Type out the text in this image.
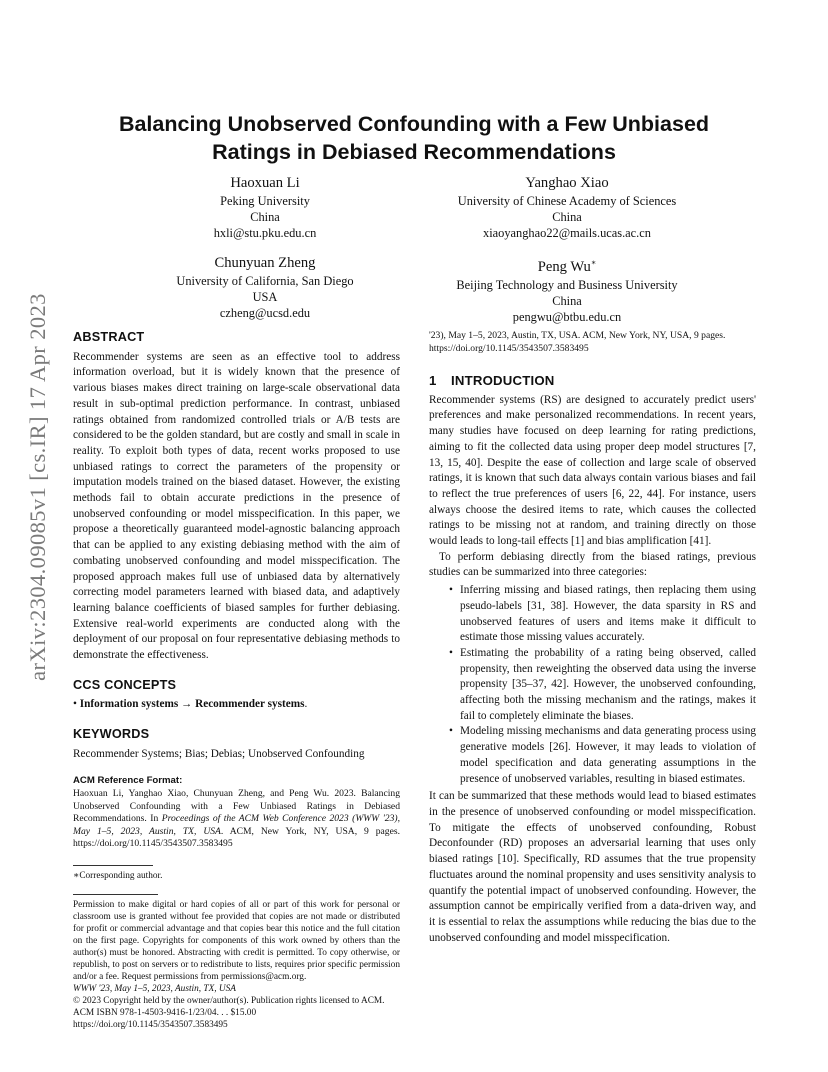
arXiv:2304.09085v1 [cs.IR] 17 Apr 2023
Balancing Unobserved Confounding with a Few Unbiased Ratings in Debiased Recommendations
Haoxuan Li
Peking University
China
hxli@stu.pku.edu.cn
Yanghao Xiao
University of Chinese Academy of Sciences
China
xiaoyanghao22@mails.ucas.ac.cn
Chunyuan Zheng
University of California, San Diego
USA
czheng@ucsd.edu
Peng Wu∗
Beijing Technology and Business University
China
pengwu@btbu.edu.cn
ABSTRACT

Recommender systems are seen as an effective tool to address information overload, but it is widely known that the presence of various biases makes direct training on large-scale observational data result in sub-optimal prediction performance. In contrast, unbiased ratings obtained from randomized controlled trials or A/B tests are considered to be the golden standard, but are costly and small in scale in reality. To exploit both types of data, recent works proposed to use unbiased ratings to correct the parameters of the propensity or imputation models trained on the biased dataset. However, the existing methods fail to obtain accurate predictions in the presence of unobserved confounding or model misspecification. In this paper, we propose a theoretically guaranteed model-agnostic balancing approach that can be applied to any existing debiasing method with the aim of combating unobserved confounding and model misspecification. The proposed approach makes full use of unbiased data by alternatively correcting model parameters learned with biased data, and adaptively learning balance coefficients of biased samples for further debiasing. Extensive real-world experiments are conducted along with the deployment of our proposal on four representative debiasing methods to demonstrate the effectiveness.

CCS CONCEPTS

• Information systems → Recommender systems.

KEYWORDS

Recommender Systems; Bias; Debias; Unobserved Confounding

ACM Reference Format:

Haoxuan Li, Yanghao Xiao, Chunyuan Zheng, and Peng Wu. 2023. Balancing Unobserved Confounding with a Few Unbiased Ratings in Debiased Recommendations. In Proceedings of the ACM Web Conference 2023 (WWW '23), May 1–5, 2023, Austin, TX, USA. ACM, New York, NY, USA, 9 pages. https://doi.org/10.1145/3543507.3583495

∗Corresponding author.

Permission to make digital or hard copies of all or part of this work for personal or classroom use is granted without fee provided that copies are not made or distributed for profit or commercial advantage and that copies bear this notice and the full citation on the first page. Copyrights for components of this work owned by others than the author(s) must be honored. Abstracting with credit is permitted. To copy otherwise, or republish, to post on servers or to redistribute to lists, requires prior specific permission and/or a fee. Request permissions from permissions@acm.org.

WWW '23, May 1–5, 2023, Austin, TX, USA

© 2023 Copyright held by the owner/author(s). Publication rights licensed to ACM.

ACM ISBN 978-1-4503-9416-1/23/04. . . $15.00

https://doi.org/10.1145/3543507.3583495

'23), May 1–5, 2023, Austin, TX, USA. ACM, New York, NY, USA, 9 pages. https://doi.org/10.1145/3543507.3583495

1 INTRODUCTION

Recommender systems (RS) are designed to accurately predict users' preferences and make personalized recommendations. In recent years, many studies have focused on deep learning for rating predictions, aiming to fit the collected data using proper deep model structures [7, 13, 15, 40]. Despite the ease of collection and large scale of observed ratings, it is known that such data always contain various biases and fail to reflect the true preferences of users [6, 22, 44]. For instance, users always choose the desired items to rate, which causes the collected ratings to be missing not at random, and training directly on those would leads to long-tail effects [1] and bias amplification [41].

To perform debiasing directly from the biased ratings, previous studies can be summarized into three categories:

• Inferring missing and biased ratings, then replacing them using pseudo-labels [31, 38]. However, the data sparsity in RS and unobserved features of users and items make it difficult to estimate those missing values accurately.
• Estimating the probability of a rating being observed, called propensity, then reweighting the observed data using the inverse propensity [35–37, 42]. However, the unobserved confounding, affecting both the missing mechanism and the ratings, makes it fail to completely eliminate the biases.
• Modeling missing mechanisms and data generating process using generative models [26]. However, it may leads to violation of model specification and data generating assumptions in the presence of unobserved variables, resulting in biased estimates.

It can be summarized that these methods would lead to biased estimates in the presence of unobserved confounding or model misspecification. To mitigate the effects of unobserved confounding, Robust Deconfounder (RD) proposes an adversarial learning that uses only biased ratings [10]. Specifically, RD assumes that the true propensity fluctuates around the nominal propensity and uses sensitivity analysis to quantify the potential impact of unobserved confounding. However, the assumption cannot be empirically verified from a data-driven way, and it is essential to relax the assumptions while reducing the bias due to the unobserved confounding and model misspecification.
